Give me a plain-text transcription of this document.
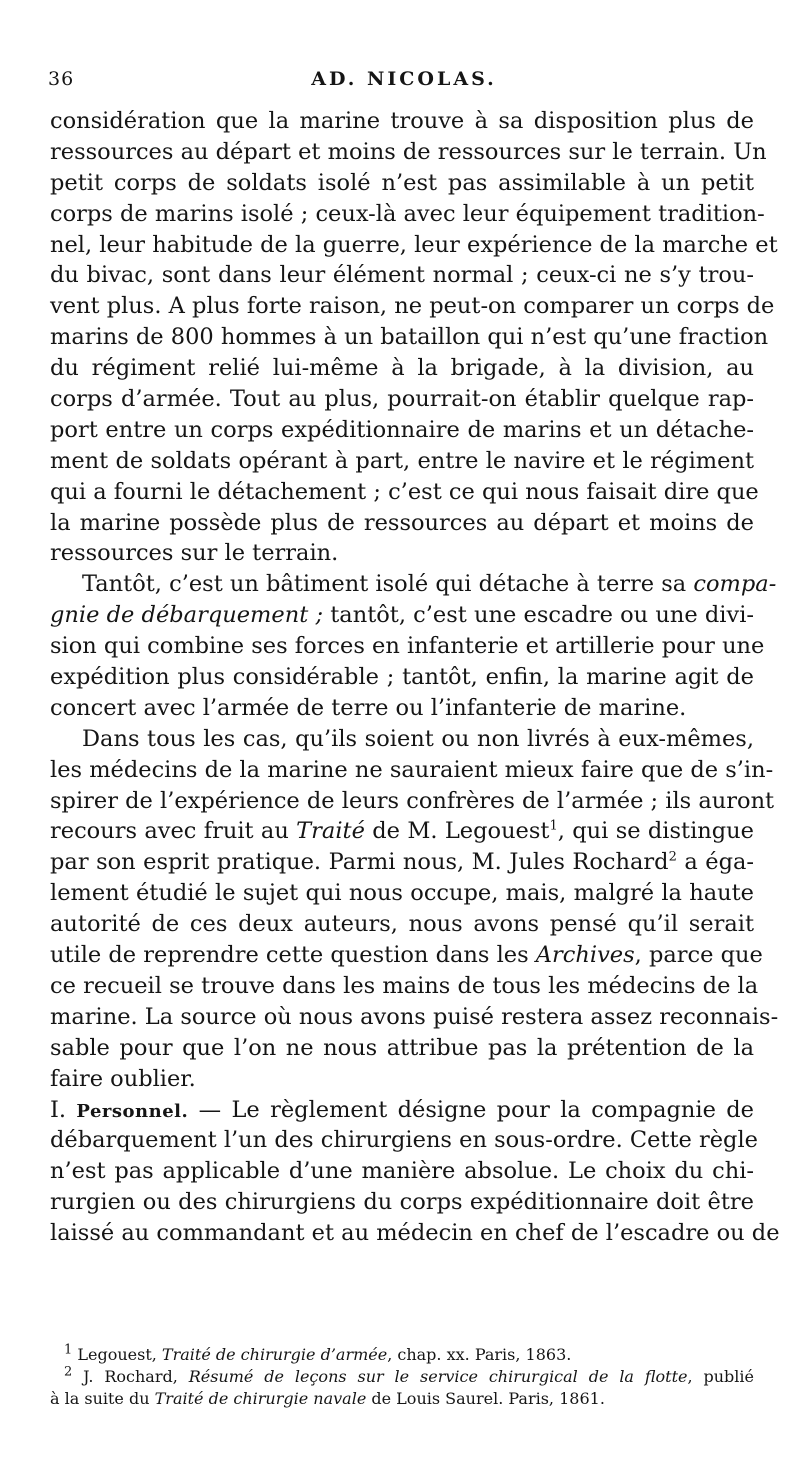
36	AD. NICOLAS.
considération que la marine trouve à sa disposition plus de
ressources au départ et moins de ressources sur le terrain. Un
petit corps de soldats isolé n’est pas assimilable à un petit
corps de marins isolé ; ceux-là avec leur équipement tradition-
nel, leur habitude de la guerre, leur expérience de la marche et
du bivac, sont dans leur élément normal ; ceux-ci ne s’y trou-
vent plus. A plus forte raison, ne peut-on comparer un corps de
marins de 800 hommes à un bataillon qui n’est qu’une fraction
du régiment relié lui-même à la brigade, à la division, au
corps d’armée. Tout au plus, pourrait-on établir quelque rap-
port entre un corps expéditionnaire de marins et un détache-
ment de soldats opérant à part, entre le navire et le régiment
qui a fourni le détachement ; c’est ce qui nous faisait dire que
la marine possède plus de ressources au départ et moins de
ressources sur le terrain.
Tantôt, c’est un bâtiment isolé qui détache à terre sa compa-
gnie de débarquement ; tantôt, c’est une escadre ou une divi-
sion qui combine ses forces en infanterie et artillerie pour une
expédition plus considérable ; tantôt, enfin, la marine agit de
concert avec l’armée de terre ou l’infanterie de marine.
Dans tous les cas, qu’ils soient ou non livrés à eux-mêmes,
les médecins de la marine ne sauraient mieux faire que de s’in-
spirer de l’expérience de leurs confrères de l’armée ; ils auront
recours avec fruit au Traité de M. Legouest$^1$, qui se distingue
par son esprit pratique. Parmi nous, M. Jules Rochard$^2$ a éga-
lement étudié le sujet qui nous occupe, mais, malgré la haute
autorité de ces deux auteurs, nous avons pensé qu’il serait
utile de reprendre cette question dans les Archives, parce que
ce recueil se trouve dans les mains de tous les médecins de la
marine. La source où nous avons puisé restera assez reconnais-
sable pour que l’on ne nous attribue pas la prétention de la
faire oublier.
I. Personnel. — Le règlement désigne pour la compagnie de
débarquement l’un des chirurgiens en sous-ordre. Cette règle
n’est pas applicable d’une manière absolue. Le choix du chi-
rurgien ou des chirurgiens du corps expéditionnaire doit être
laissé au commandant et au médecin en chef de l’escadre ou de
$^1$ Legouest, Traité de chirurgie d’armée, chap. xx. Paris, 1863.
$^2$ J. Rochard, Résumé de leçons sur le service chirurgical de la flotte, publié
à la suite du Traité de chirurgie navale de Louis Saurel. Paris, 1861.
